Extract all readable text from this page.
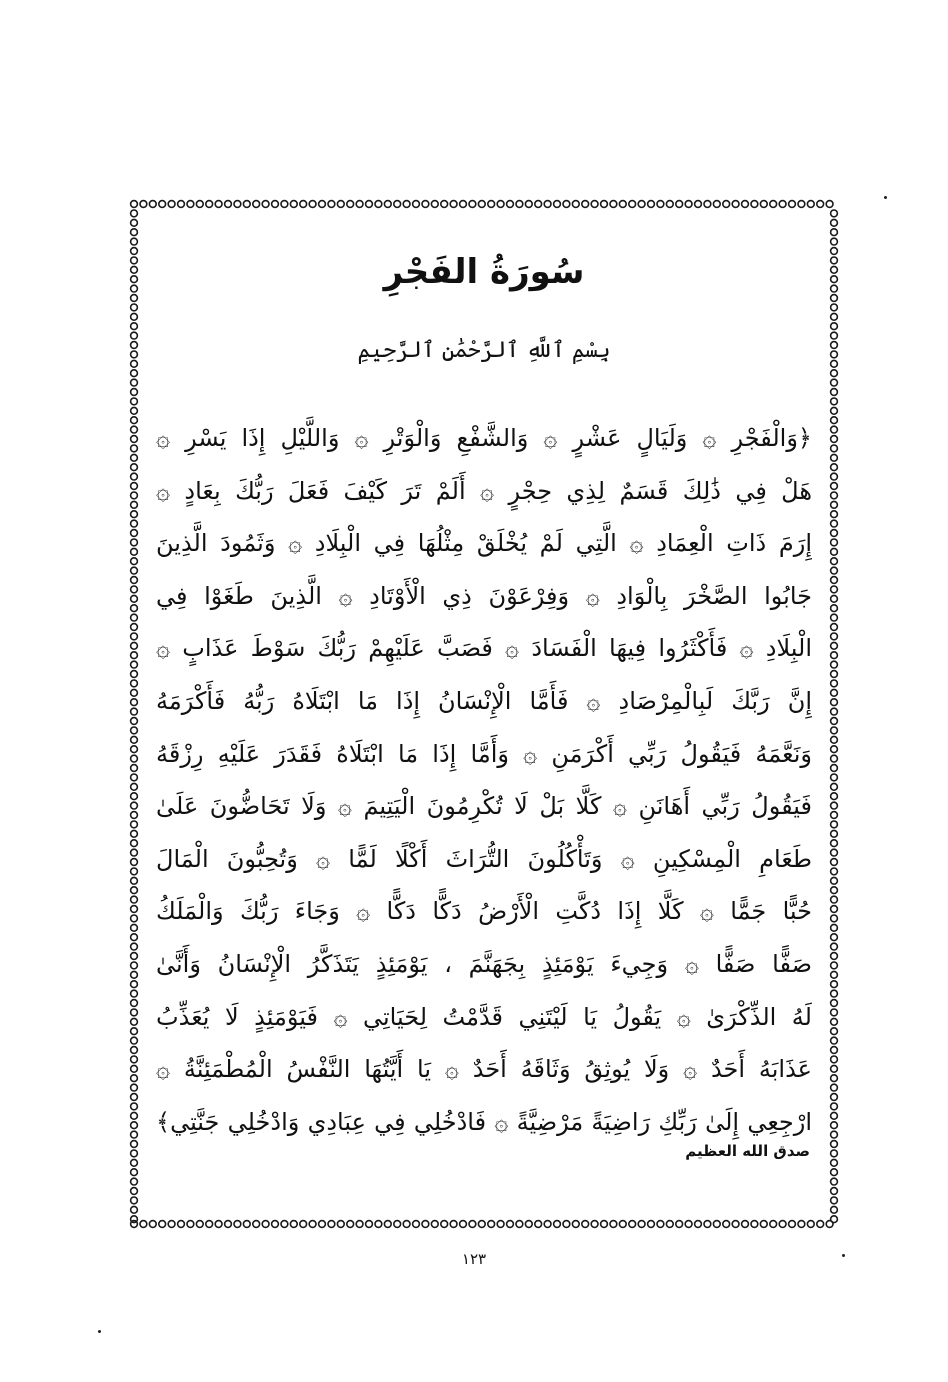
سُورَةُ الفَجْرِ
بِسْمِ ٱللَّهِ ٱلرَّحْمَٰنِ ٱلرَّحِيمِ
﴿وَالْفَجْرِ ۞ وَلَيَالٍ عَشْرٍ ۞ وَالشَّفْعِ وَالْوَتْرِ ۞ وَاللَّيْلِ إِذَا يَسْرِ ۞
هَلْ فِي ذَٰلِكَ قَسَمٌ لِذِي حِجْرٍ ۞ أَلَمْ تَرَ كَيْفَ فَعَلَ رَبُّكَ بِعَادٍ ۞
إِرَمَ ذَاتِ الْعِمَادِ ۞ الَّتِي لَمْ يُخْلَقْ مِثْلُهَا فِي الْبِلَادِ ۞ وَثَمُودَ الَّذِينَ
جَابُوا الصَّخْرَ بِالْوَادِ ۞ وَفِرْعَوْنَ ذِي الْأَوْتَادِ ۞ الَّذِينَ طَغَوْا فِي
الْبِلَادِ ۞ فَأَكْثَرُوا فِيهَا الْفَسَادَ ۞ فَصَبَّ عَلَيْهِمْ رَبُّكَ سَوْطَ عَذَابٍ ۞
إِنَّ رَبَّكَ لَبِالْمِرْصَادِ ۞ فَأَمَّا الْإِنْسَانُ إِذَا مَا ابْتَلَاهُ رَبُّهُ فَأَكْرَمَهُ
وَنَعَّمَهُ فَيَقُولُ رَبِّي أَكْرَمَنِ ۞ وَأَمَّا إِذَا مَا ابْتَلَاهُ فَقَدَرَ عَلَيْهِ رِزْقَهُ
فَيَقُولُ رَبِّي أَهَانَنِ ۞ كَلَّا بَلْ لَا تُكْرِمُونَ الْيَتِيمَ ۞ وَلَا تَحَاضُّونَ عَلَىٰ
طَعَامِ الْمِسْكِينِ ۞ وَتَأْكُلُونَ التُّرَاثَ أَكْلًا لَمًّا ۞ وَتُحِبُّونَ الْمَالَ
حُبًّا جَمًّا ۞ كَلَّا إِذَا دُكَّتِ الْأَرْضُ دَكًّا دَكًّا ۞ وَجَاءَ رَبُّكَ وَالْمَلَكُ
صَفًّا صَفًّا ۞ وَجِيءَ يَوْمَئِذٍ بِجَهَنَّمَ ، يَوْمَئِذٍ يَتَذَكَّرُ الْإِنْسَانُ وَأَنَّىٰ
لَهُ الذِّكْرَىٰ ۞ يَقُولُ يَا لَيْتَنِي قَدَّمْتُ لِحَيَاتِي ۞ فَيَوْمَئِذٍ لَا يُعَذِّبُ
عَذَابَهُ أَحَدٌ ۞ وَلَا يُوثِقُ وَثَاقَهُ أَحَدٌ ۞ يَا أَيَّتُهَا النَّفْسُ الْمُطْمَئِنَّةُ ۞
ارْجِعِي إِلَىٰ رَبِّكِ رَاضِيَةً مَرْضِيَّةً ۞ فَادْخُلِي فِي عِبَادِي وَادْخُلِي جَنَّتِي﴾
صدق الله العظيم
١٢٣
